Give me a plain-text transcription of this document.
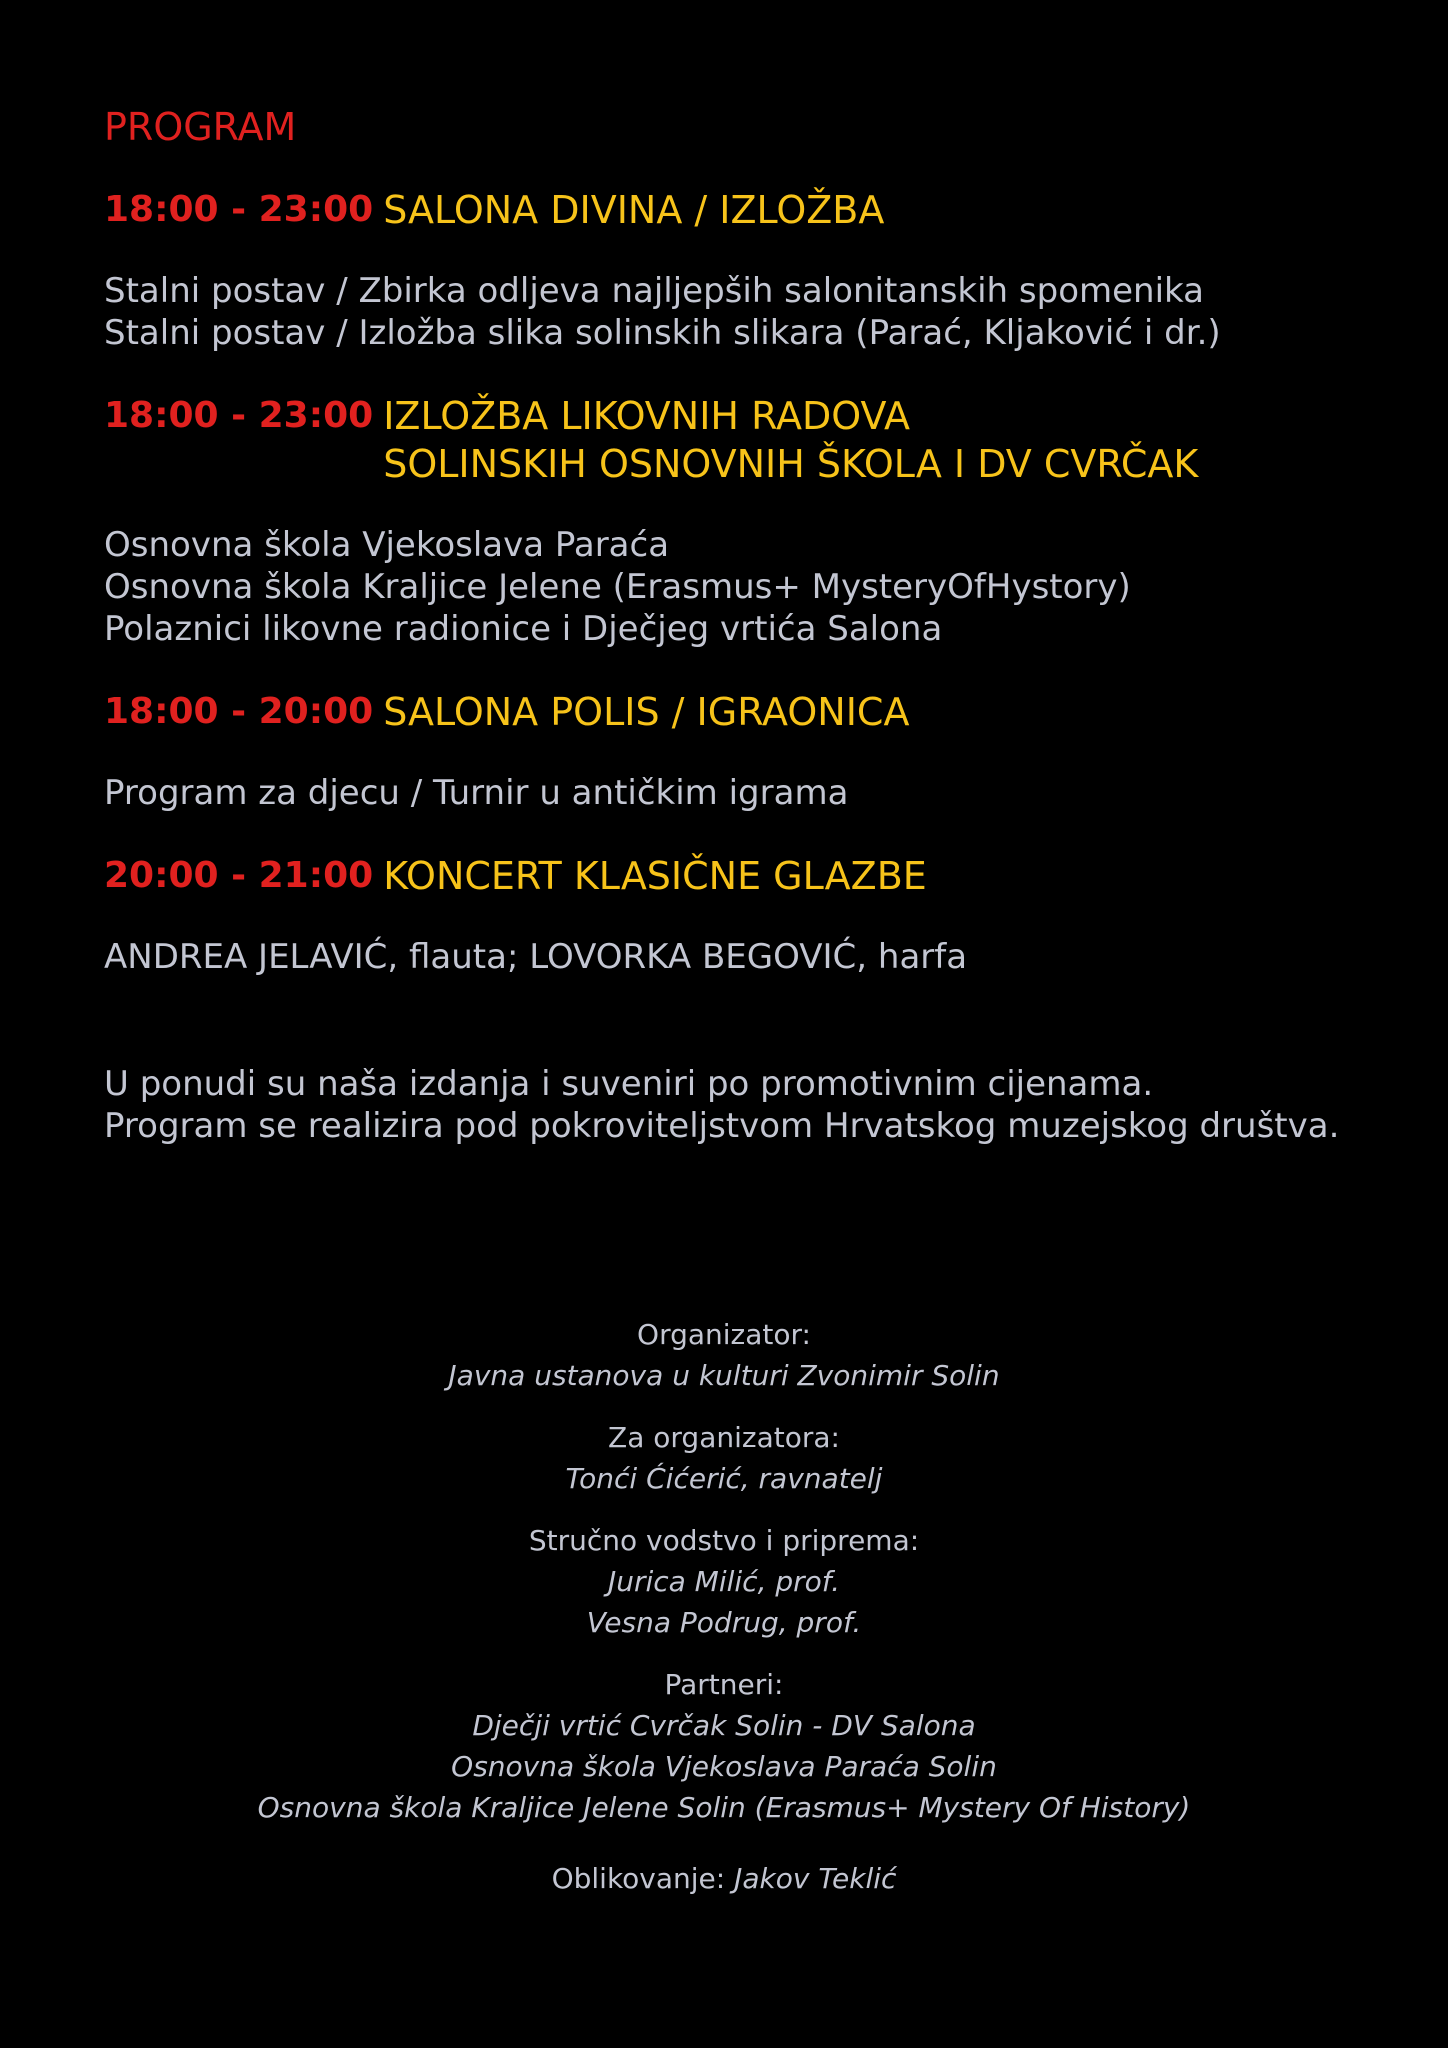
PROGRAM
18:00 - 23:00 SALONA DIVINA / IZLOŽBA
Stalni postav / Zbirka odljeva najljepših salonitanskih spomenika
Stalni postav / Izložba slika solinskih slikara (Parać, Kljaković i dr.)
18:00 - 23:00 IZLOŽBA LIKOVNIH RADOVA
SOLINSKIH OSNOVNIH ŠKOLA I DV CVRČAK
Osnovna škola Vjekoslava Paraća
Osnovna škola Kraljice Jelene (Erasmus+ MysteryOfHystory)
Polaznici likovne radionice i Dječjeg vrtića Salona
18:00 - 20:00 SALONA POLIS / IGRAONICA
Program za djecu / Turnir u antičkim igrama
20:00 - 21:00 KONCERT KLASIČNE GLAZBE
ANDREA JELAVIĆ, flauta; LOVORKA BEGOVIĆ, harfa
U ponudi su naša izdanja i suveniri po promotivnim cijenama.
Program se realizira pod pokroviteljstvom Hrvatskog muzejskog društva.
Organizator:
Javna ustanova u kulturi Zvonimir Solin
Za organizatora:
Tonći Ćićerić, ravnatelj
Stručno vodstvo i priprema:
Jurica Milić, prof.
Vesna Podrug, prof.
Partneri:
Dječji vrtić Cvrčak Solin - DV Salona
Osnovna škola Vjekoslava Paraća Solin
Osnovna škola Kraljice Jelene Solin (Erasmus+ Mystery Of History)
Oblikovanje: Jakov Teklić
